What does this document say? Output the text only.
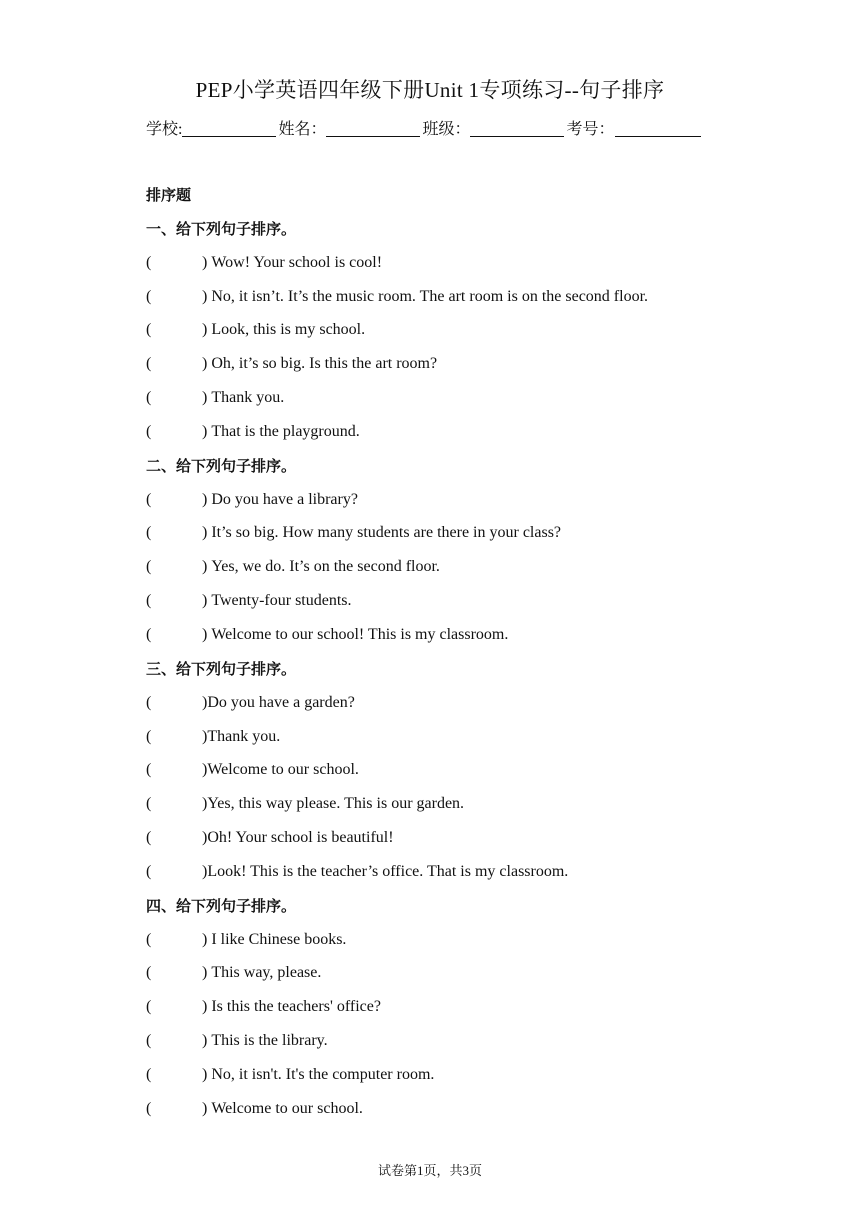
PEP小学英语四年级下册Unit 1专项练习--句子排序
学校:	姓名：	班级：	考号：
排序题
一、给下列句子排序。
(	) Wow! Your school is cool!
(	) No, it isn’t. It’s the music room. The art room is on the second floor.
(	) Look, this is my school.
(	) Oh, it’s so big. Is this the art room?
(	) Thank you.
(	) That is the playground.
二、给下列句子排序。
(	) Do you have a library?
(	) It’s so big. How many students are there in your class?
(	) Yes, we do. It’s on the second floor.
(	) Twenty-four students.
(	) Welcome to our school! This is my classroom.
三、给下列句子排序。
(	)Do you have a garden?
(	)Thank you.
(	)Welcome to our school.
(	)Yes, this way please. This is our garden.
(	)Oh! Your school is beautiful!
(	)Look! This is the teacher’s office. That is my classroom.
四、给下列句子排序。
(	) I like Chinese books.
(	) This way, please.
(	) Is this the teachers' office?
(	) This is the library.
(	) No, it isn't. It's the computer room.
(	) Welcome to our school.
试卷第1页，共3页
